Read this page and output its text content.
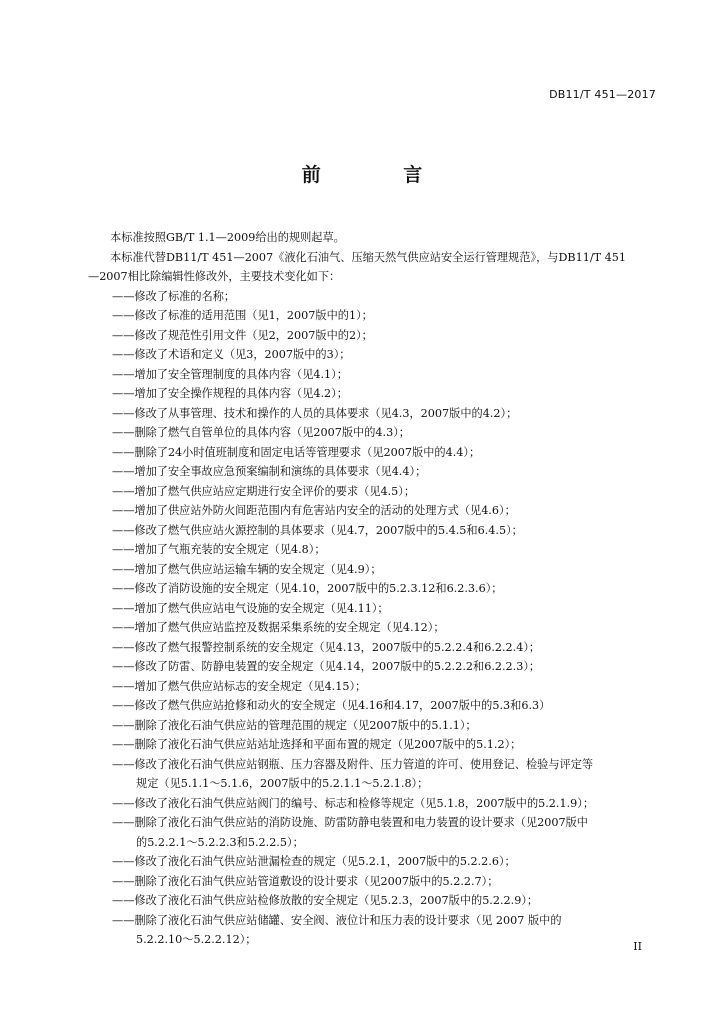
DB11/T 451—2017
前 言
本标准按照GB/T 1.1—2009给出的规则起草。
本标准代替DB11/T 451—2007《液化石油气、压缩天然气供应站安全运行管理规范》，与DB11/T 451
—2007相比除编辑性修改外，主要技术变化如下：
——修改了标准的名称；
——修改了标准的适用范围（见1，2007版中的1）；
——修改了规范性引用文件（见2，2007版中的2）；
——修改了术语和定义（见3，2007版中的3）；
——增加了安全管理制度的具体内容（见4.1）；
——增加了安全操作规程的具体内容（见4.2）；
——修改了从事管理、技术和操作的人员的具体要求（见4.3，2007版中的4.2）；
——删除了燃气自管单位的具体内容（见2007版中的4.3）；
——删除了24小时值班制度和固定电话等管理要求（见2007版中的4.4）；
——增加了安全事故应急预案编制和演练的具体要求（见4.4）；
——增加了燃气供应站应定期进行安全评价的要求（见4.5）；
——增加了供应站外防火间距范围内有危害站内安全的活动的处理方式（见4.6）；
——修改了燃气供应站火源控制的具体要求（见4.7，2007版中的5.4.5和6.4.5）；
——增加了气瓶充装的安全规定（见4.8）；
——增加了燃气供应站运输车辆的安全规定（见4.9）；
——修改了消防设施的安全规定（见4.10，2007版中的5.2.3.12和6.2.3.6）；
——增加了燃气供应站电气设施的安全规定（见4.11）；
——增加了燃气供应站监控及数据采集系统的安全规定（见4.12）；
——修改了燃气报警控制系统的安全规定（见4.13，2007版中的5.2.2.4和6.2.2.4）；
——修改了防雷、防静电装置的安全规定（见4.14，2007版中的5.2.2.2和6.2.2.3）；
——增加了燃气供应站标志的安全规定（见4.15）；
——修改了燃气供应站抢修和动火的安全规定（见4.16和4.17，2007版中的5.3和6.3）
——删除了液化石油气供应站的管理范围的规定（见2007版中的5.1.1）；
——删除了液化石油气供应站站址选择和平面布置的规定（见2007版中的5.1.2）；
——修改了液化石油气供应站钢瓶、压力容器及附件、压力管道的许可、使用登记、检验与评定等
规定（见5.1.1～5.1.6，2007版中的5.2.1.1～5.2.1.8）；
——修改了液化石油气供应站阀门的编号、标志和检修等规定（见5.1.8，2007版中的5.2.1.9）；
——删除了液化石油气供应站的消防设施、防雷防静电装置和电力装置的设计要求（见2007版中
的5.2.2.1～5.2.2.3和5.2.2.5）；
——修改了液化石油气供应站泄漏检查的规定（见5.2.1，2007版中的5.2.2.6）；
——删除了液化石油气供应站管道敷设的设计要求（见2007版中的5.2.2.7）；
——修改了液化石油气供应站检修放散的安全规定（见5.2.3，2007版中的5.2.2.9）；
——删除了液化石油气供应站储罐、安全阀、液位计和压力表的设计要求（见 2007 版中的
5.2.2.10～5.2.2.12）；
II
